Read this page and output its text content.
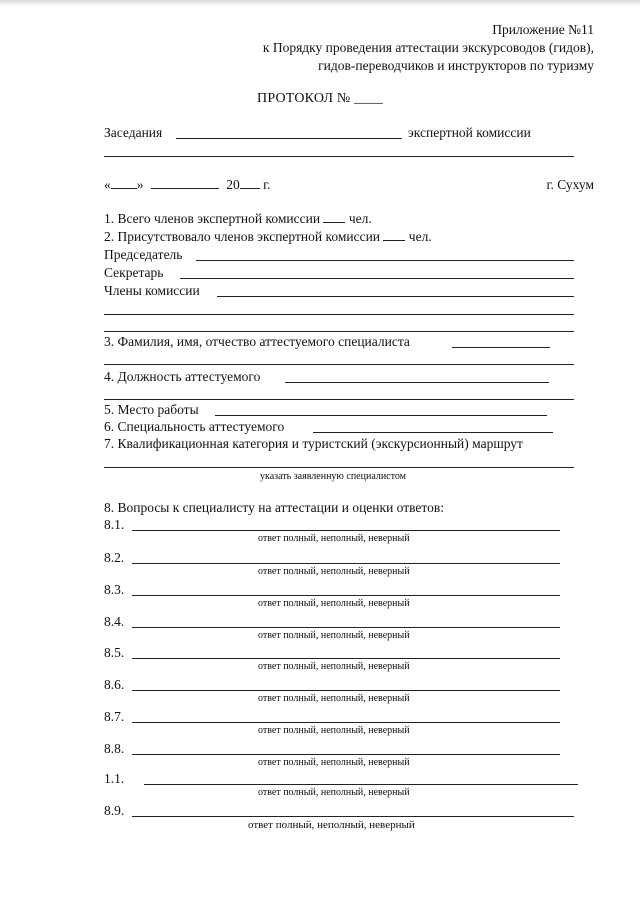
Приложение №11
к Порядку проведения аттестации экскурсоводов (гидов),
гидов-переводчиков и инструкторов по туризму
ПРОТОКОЛ № ____
Заседания	экспертной комиссии
« »	20 г.	г. Сухум
1. Всего членов экспертной комиссии чел.
2. Присутствовало членов экспертной комиссии чел.
Председатель
Секретарь
Члены комиссии
3. Фамилия, имя, отчество аттестуемого специалиста
4. Должность аттестуемого
5. Место работы
6. Специальность аттестуемого
7. Квалификационная категория и туристский (экскурсионный) маршрут
указать заявленную специалистом
8. Вопросы к специалисту на аттестации и оценки ответов:
8.1.
ответ полный, неполный, неверный
8.2.
ответ полный, неполный, неверный
8.3.
ответ полный, неполный, неверный
8.4.
ответ полный, неполный, неверный
8.5.
ответ полный, неполный, неверный
8.6.
ответ полный, неполный, неверный
8.7.
ответ полный, неполный, неверный
8.8.
ответ полный, неполный, неверный
1.1.
ответ полный, неполный, неверный
8.9.
ответ полный, неполный, неверный
